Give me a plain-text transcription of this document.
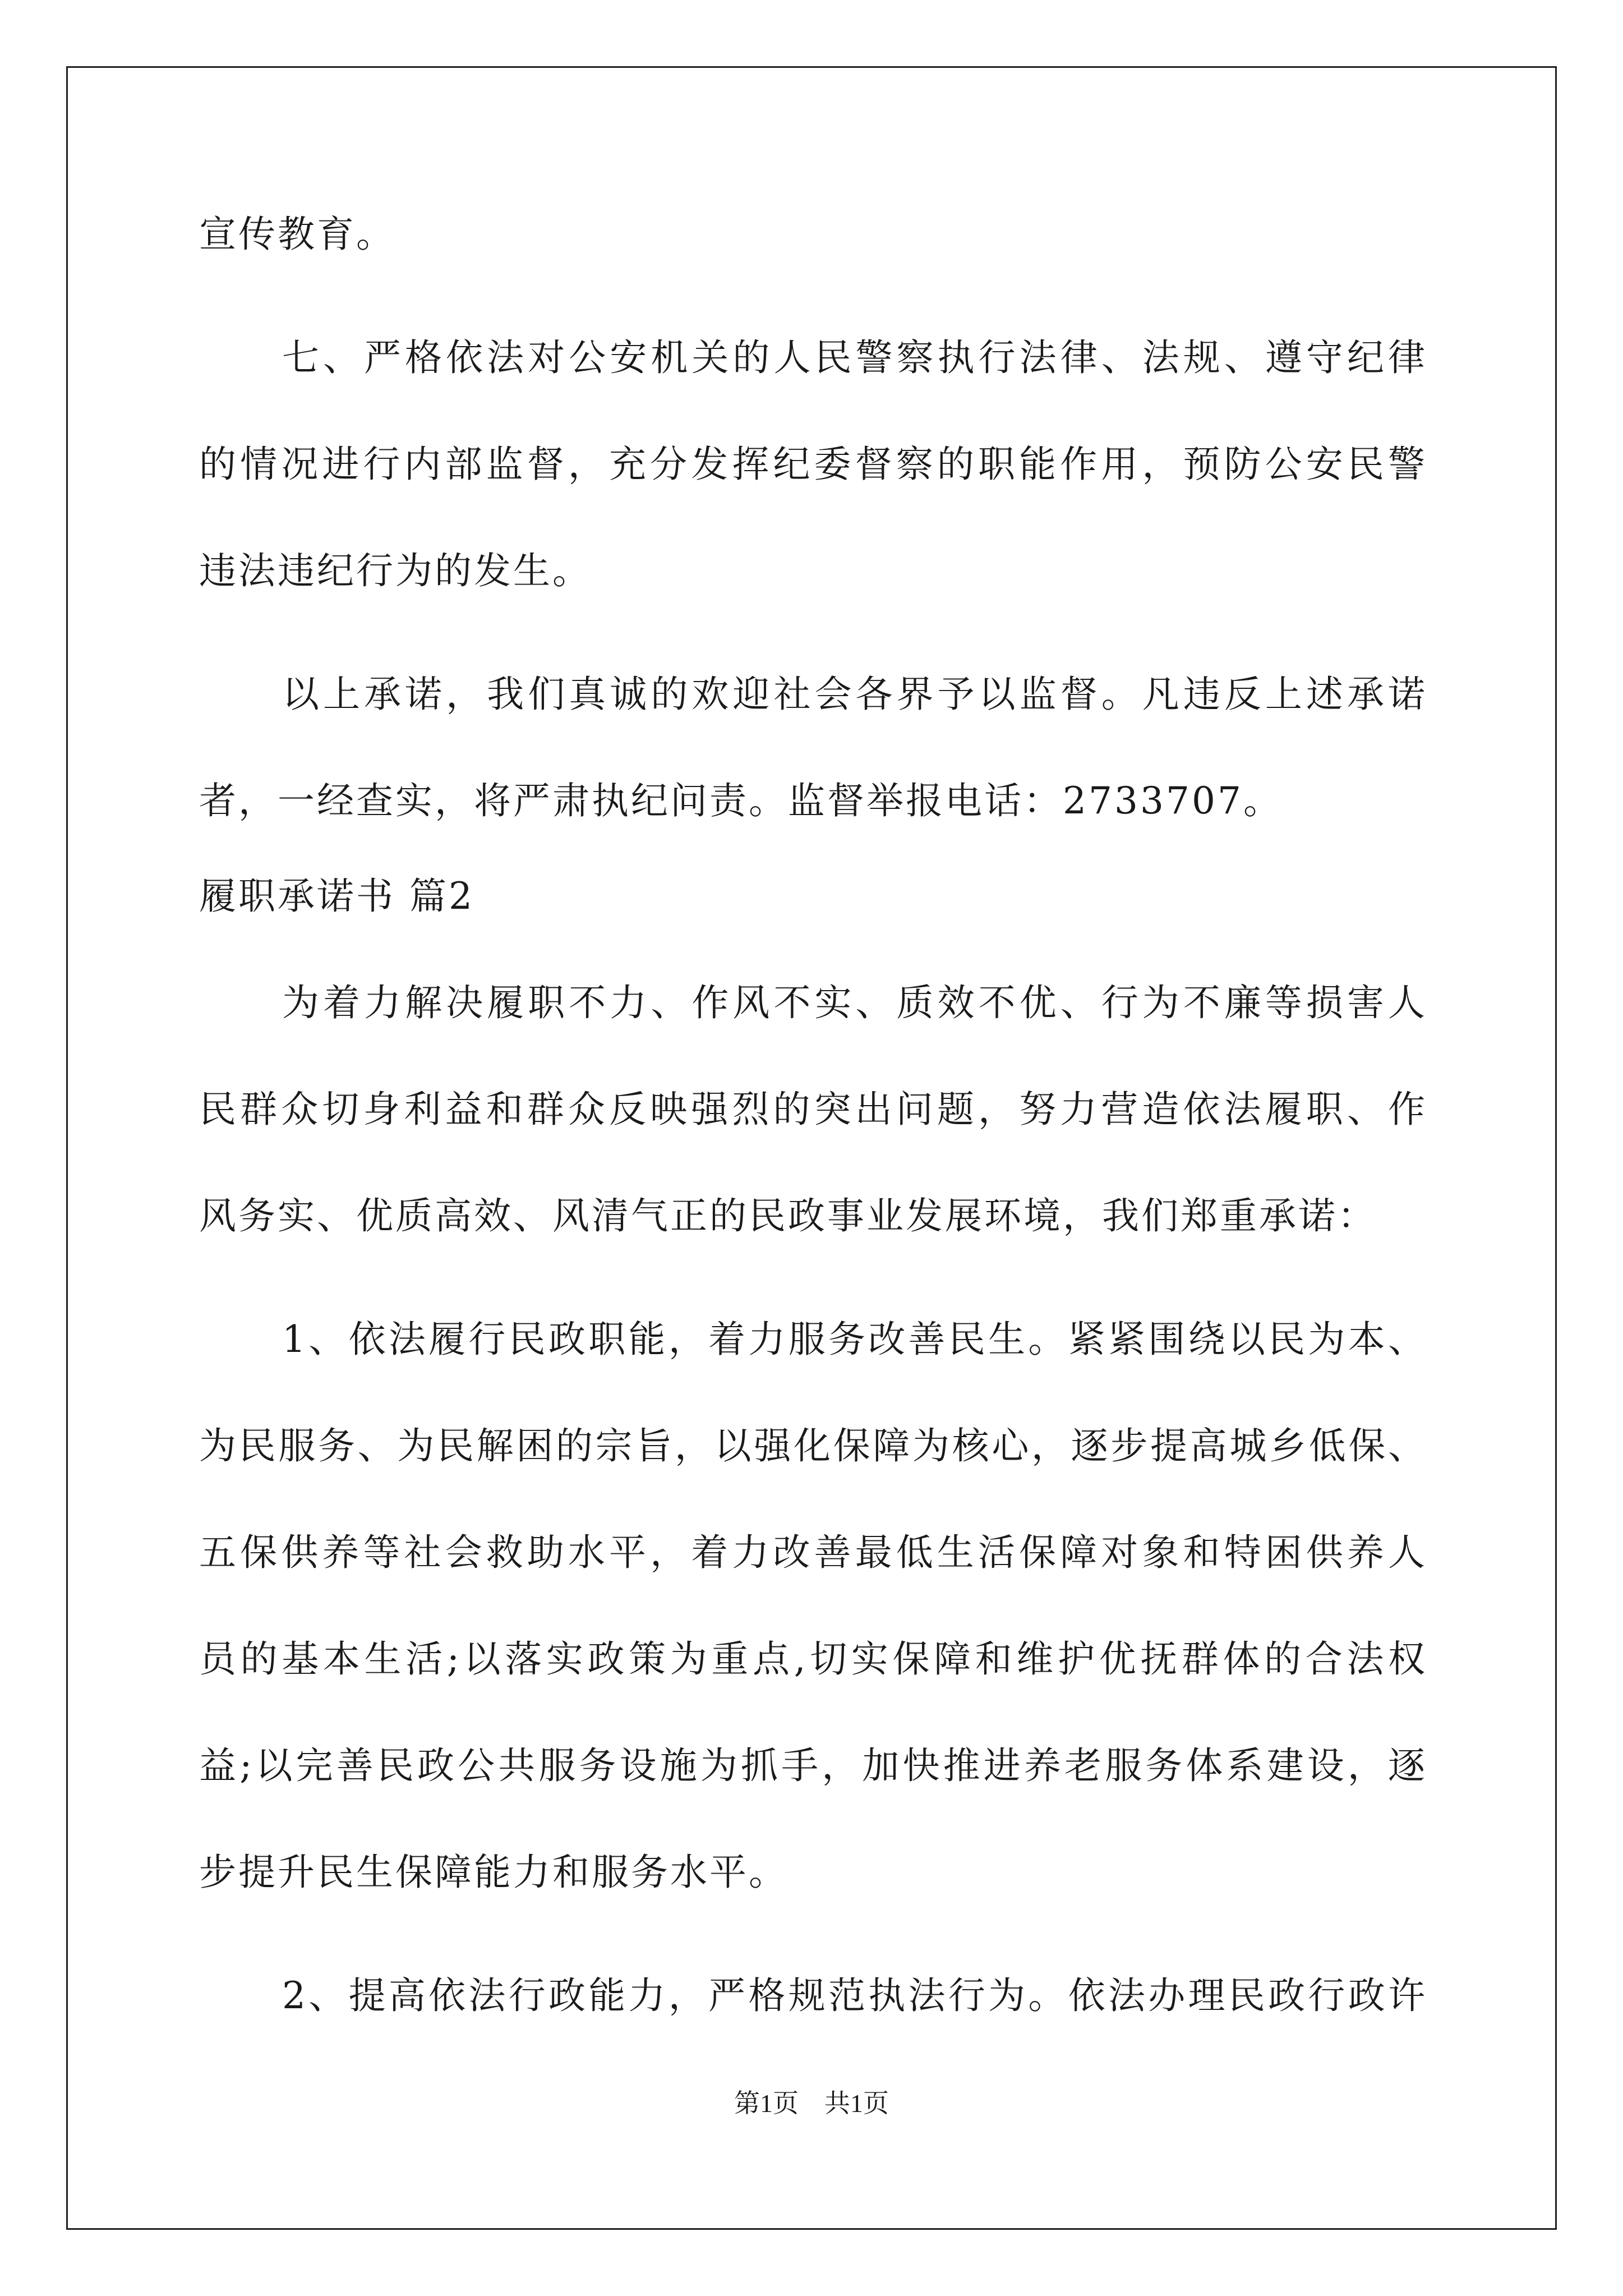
宣传教育。
七、严格依法对公安机关的人民警察执行法律、法规、遵守纪律
的情况进行内部监督，充分发挥纪委督察的职能作用，预防公安民警
违法违纪行为的发生。
以上承诺，我们真诚的欢迎社会各界予以监督。凡违反上述承诺
者，一经查实，将严肃执纪问责。监督举报电话：2733707。
履职承诺书 篇2
为着力解决履职不力、作风不实、质效不优、行为不廉等损害人
民群众切身利益和群众反映强烈的突出问题，努力营造依法履职、作
风务实、优质高效、风清气正的民政事业发展环境，我们郑重承诺：
1、依法履行民政职能，着力服务改善民生。紧紧围绕以民为本、
为民服务、为民解困的宗旨，以强化保障为核心，逐步提高城乡低保、
五保供养等社会救助水平，着力改善最低生活保障对象和特困供养人
员的基本生活;以落实政策为重点,切实保障和维护优抚群体的合法权
益;以完善民政公共服务设施为抓手，加快推进养老服务体系建设，逐
步提升民生保障能力和服务水平。
2、提高依法行政能力，严格规范执法行为。依法办理民政行政许
第1页　共1页
